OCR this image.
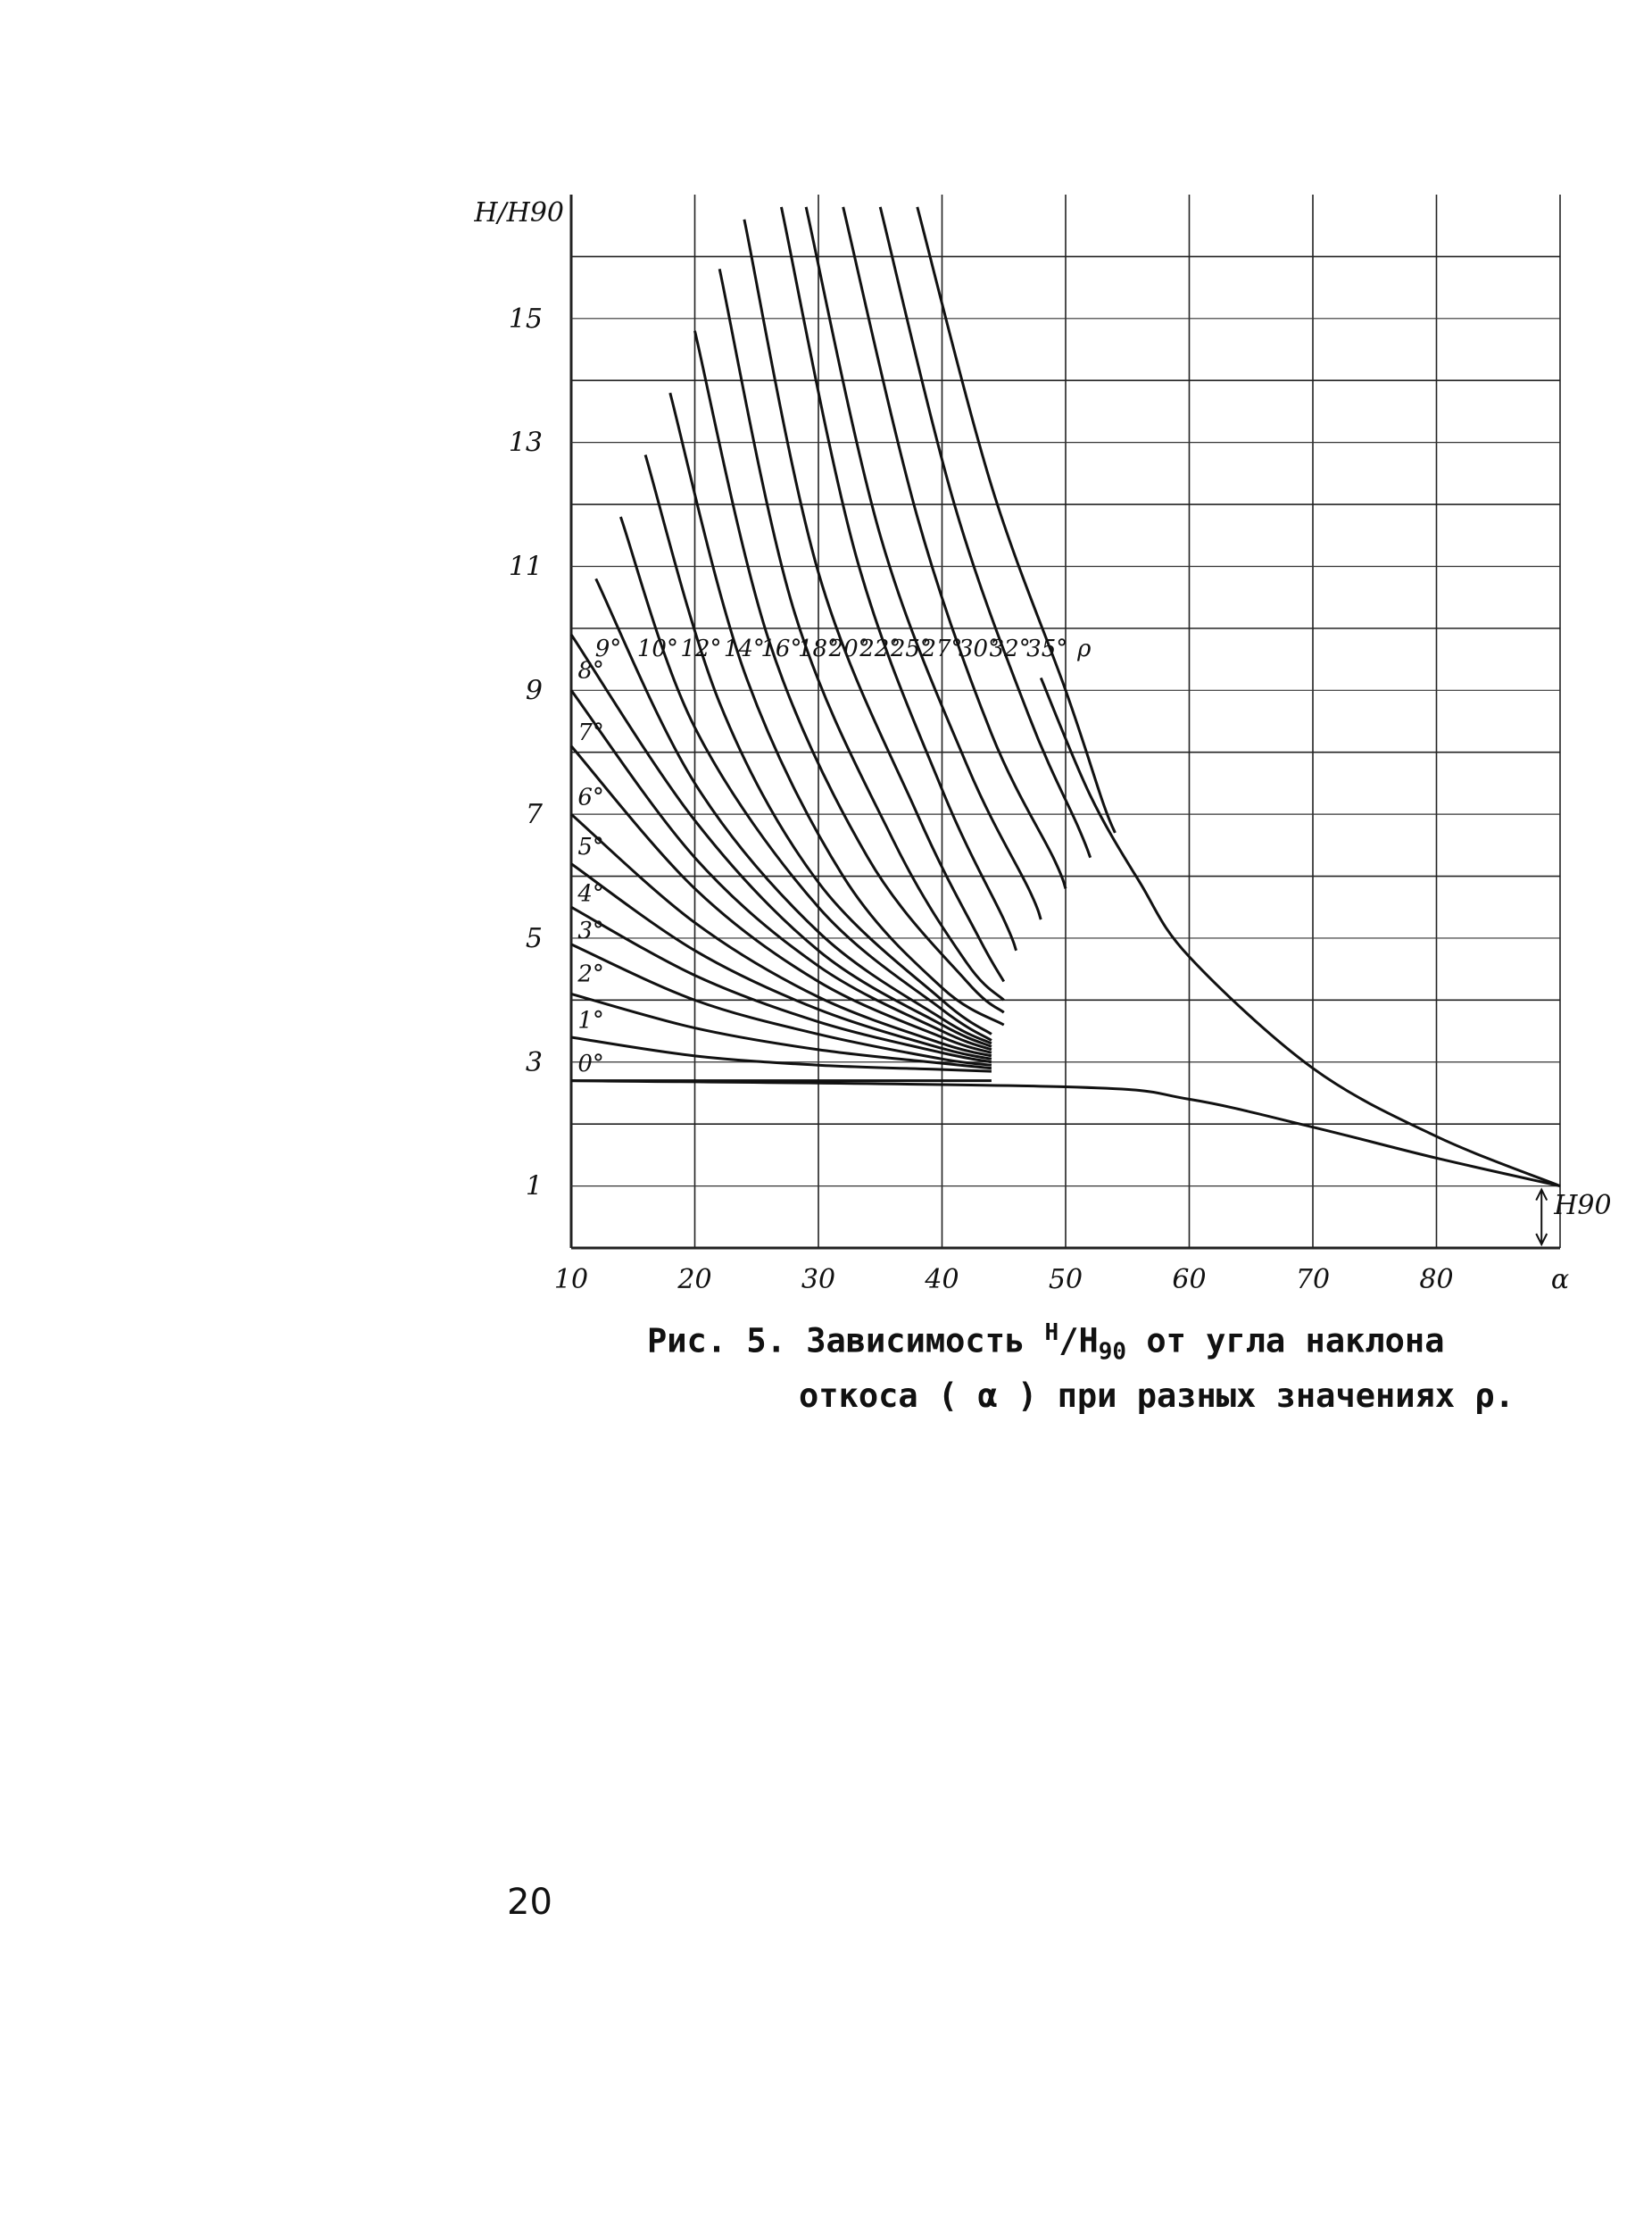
10	20	30	40	50	60	70	80	α
1
3
5
7
9
11
13
15
H/H90
H90
9° 10° 12° 14°
16°
18°
20°
22°
25°
27°
30°
32°
35° ρ
0°
1°
2°
3°
4°
5°
6°
7°
8°
Рис. 5. Зависимость $^H/H_{90}$ от угла наклона
откоса ( α ) при разных значениях ρ.
20
